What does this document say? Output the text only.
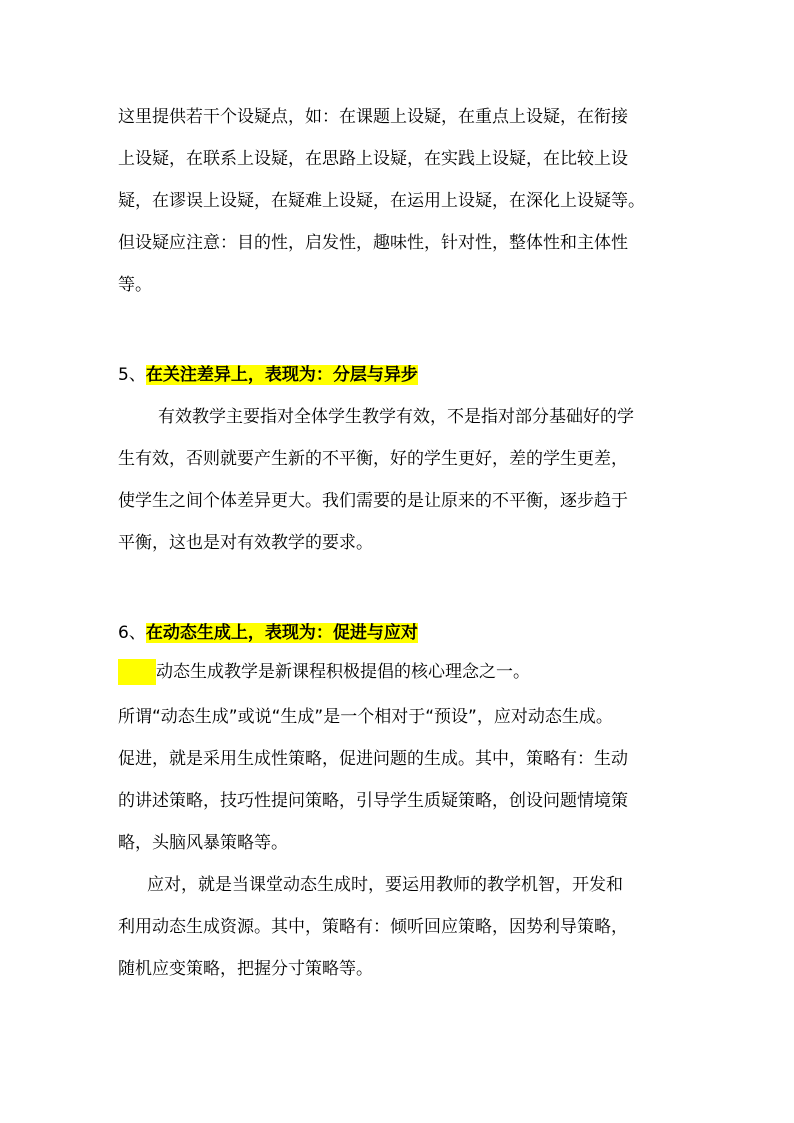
这里提供若干个设疑点，如：在课题上设疑，在重点上设疑，在衔接
上设疑，在联系上设疑，在思路上设疑，在实践上设疑，在比较上设
疑，在谬误上设疑，在疑难上设疑，在运用上设疑，在深化上设疑等。
但设疑应注意：目的性，启发性，趣味性，针对性，整体性和主体性
等。
5、在关注差异上，表现为：分层与异步
有效教学主要指对全体学生教学有效，不是指对部分基础好的学
生有效，否则就要产生新的不平衡，好的学生更好，差的学生更差，
使学生之间个体差异更大。我们需要的是让原来的不平衡，逐步趋于
平衡，这也是对有效教学的要求。
6、在动态生成上，表现为：促进与应对
动态生成教学是新课程积极提倡的核心理念之一。
所谓“动态生成”或说“生成”是一个相对于“预设”，应对动态生成。
促进，就是采用生成性策略，促进问题的生成。其中，策略有：生动
的讲述策略，技巧性提问策略，引导学生质疑策略，创设问题情境策
略，头脑风暴策略等。
应对，就是当课堂动态生成时，要运用教师的教学机智，开发和
利用动态生成资源。其中，策略有：倾听回应策略，因势利导策略，
随机应变策略，把握分寸策略等。
